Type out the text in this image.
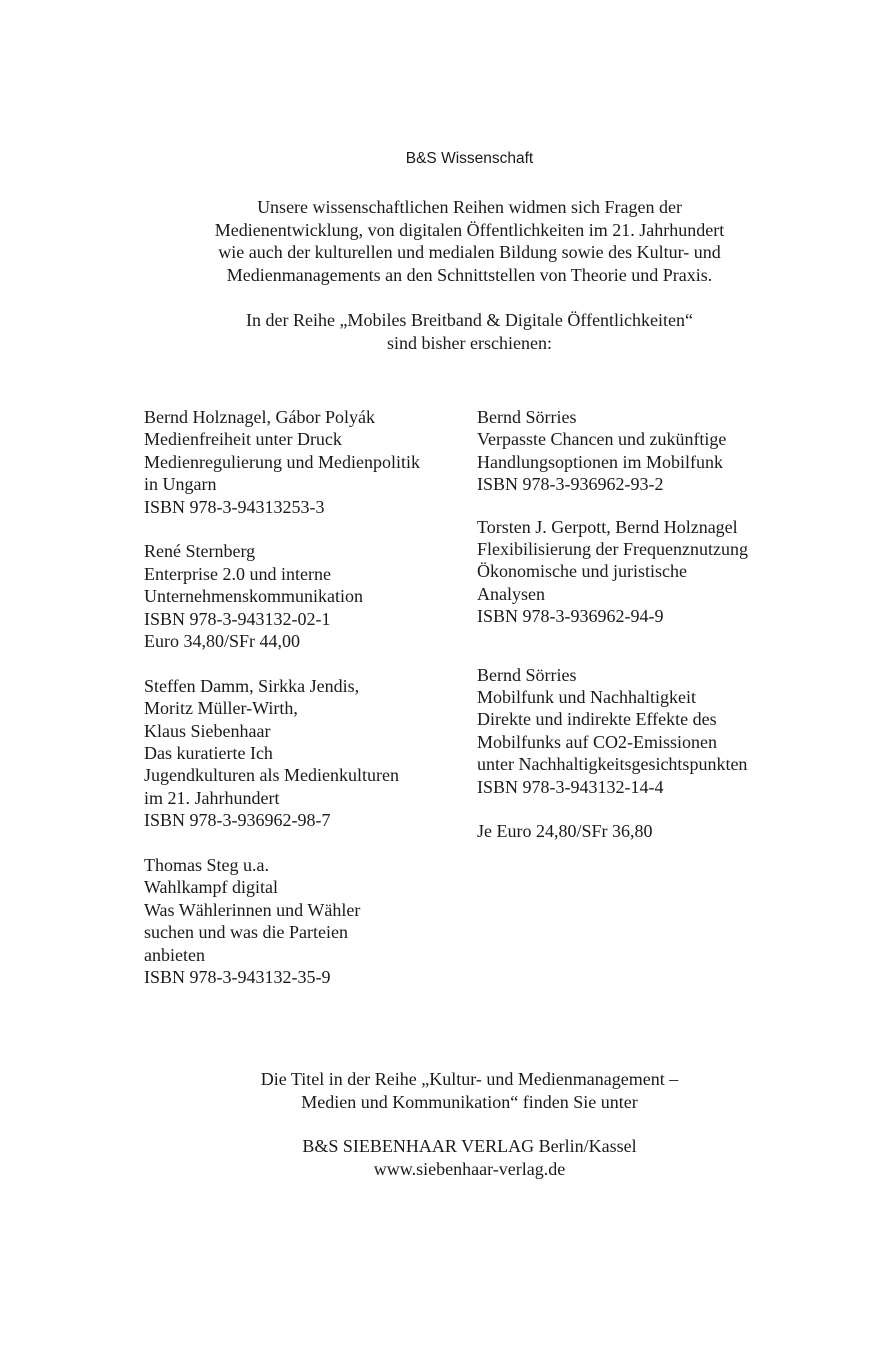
B&S Wissenschaft
Unsere wissenschaftlichen Reihen widmen sich Fragen der
Medienentwicklung, von digitalen Öffentlichkeiten im 21. Jahrhundert
wie auch der kulturellen und medialen Bildung sowie des Kultur- und
Medienmanagements an den Schnittstellen von Theorie und Praxis.
In der Reihe „Mobiles Breitband & Digitale Öffentlichkeiten“
sind bisher erschienen:
Bernd Holznagel, Gábor Polyák
Medienfreiheit unter Druck
Medienregulierung und Medienpolitik
in Ungarn
ISBN 978-3-94313253-3
René Sternberg
Enterprise 2.0 und interne
Unternehmenskommunikation
ISBN 978-3-943132-02-1
Euro 34,80/SFr 44,00
Steffen Damm, Sirkka Jendis,
Moritz Müller-Wirth,
Klaus Siebenhaar
Das kuratierte Ich
Jugendkulturen als Medienkulturen
im 21. Jahrhundert
ISBN 978-3-936962-98-7
Thomas Steg u.a.
Wahlkampf digital
Was Wählerinnen und Wähler
suchen und was die Parteien
anbieten
ISBN 978-3-943132-35-9
Bernd Sörries
Verpasste Chancen und zukünftige
Handlungsoptionen im Mobilfunk
ISBN 978-3-936962-93-2
Torsten J. Gerpott, Bernd Holznagel
Flexibilisierung der Frequenznutzung
Ökonomische und juristische
Analysen
ISBN 978-3-936962-94-9
Bernd Sörries
Mobilfunk und Nachhaltigkeit
Direkte und indirekte Effekte des
Mobilfunks auf CO2-Emissionen
unter Nachhaltigkeitsgesichtspunkten
ISBN 978-3-943132-14-4
Je Euro 24,80/SFr 36,80
Die Titel in der Reihe „Kultur- und Medienmanagement –
Medien und Kommunikation“ finden Sie unter
B&S SIEBENHAAR VERLAG Berlin/Kassel
www.siebenhaar-verlag.de
